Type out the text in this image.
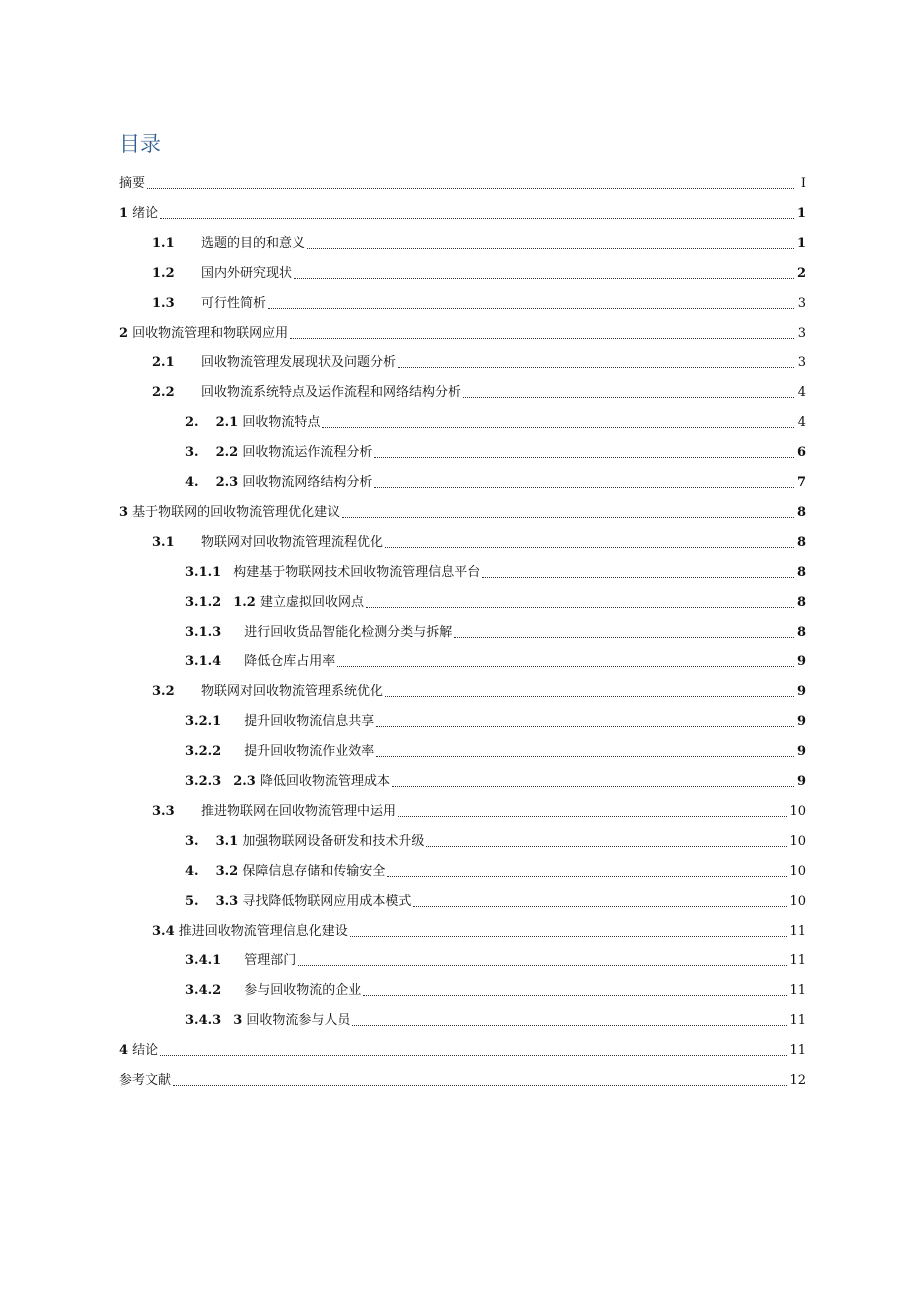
目录
摘要	I
1 绪论	1
1.1	选题的目的和意义	1
1.2	国内外研究现状	2
1.3	可行性简析	3
2 回收物流管理和物联网应用	3
2.1	回收物流管理发展现状及问题分析	3
2.2	回收物流系统特点及运作流程和网络结构分析	4
2. 2.1 回收物流特点	4
3. 2.2 回收物流运作流程分析	6
4. 2.3 回收物流网络结构分析	7
3 基于物联网的回收物流管理优化建议	8
3.1	物联网对回收物流管理流程优化	8
3.1.1 构建基于物联网技术回收物流管理信息平台	8
3.1.2 1.2 建立虚拟回收网点	8
3.1.3 进行回收货品智能化检测分类与拆解	8
3.1.4 降低仓库占用率	9
3.2	物联网对回收物流管理系统优化	9
3.2.1 提升回收物流信息共享	9
3.2.2 提升回收物流作业效率	9
3.2.3 2.3 降低回收物流管理成本	9
3.3	推进物联网在回收物流管理中运用	10
3. 3.1 加强物联网设备研发和技术升级	10
4. 3.2 保障信息存储和传输安全	10
5. 3.3 寻找降低物联网应用成本模式	10
3.4 推进回收物流管理信息化建设	11
3.4.1 管理部门	11
3.4.2 参与回收物流的企业	11
3.4.3 3 回收物流参与人员	11
4 结论	11
参考文献	12
